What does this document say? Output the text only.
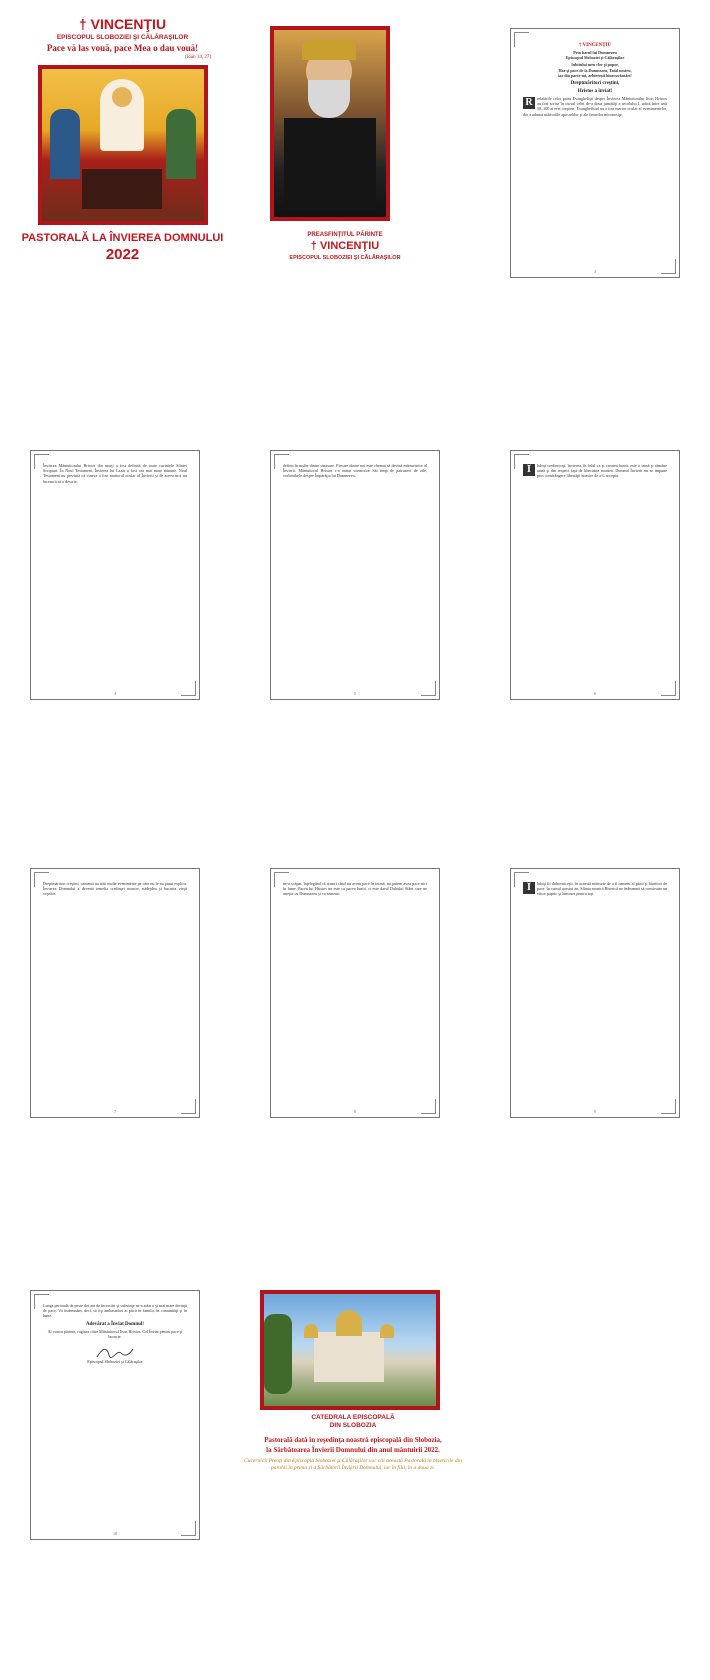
† VINCENŢIU
EPISCOPUL SLOBOZIEI ŞI CĂLĂRAŞILOR
Pace vă las vouă, pace Mea o dau vouă!
(Ioan 14, 27)
PASTORALĂ LA ÎNVIEREA DOMNULUI
2022
PREASFINŢITUL PĂRINTE
† VINCENŢIU
EPISCOPUL SLOBOZIEI ŞI CĂLĂRAŞILOR
† VINCENŢIU
Prin harul lui Dumnezeu
Episcopul Sloboziei şi Călăraşilor
Iubitului meu cler şi popor,
Har şi pace de la Dumnezeu, Tatăl nostru,
iar din parte-mi, arhierești binecuvântări!
Dreptmăritori creştini,
Hristos a înviat!
R	relatările celor patru Evanghelişti despre Învierea Mântuitorului Iisus Hristos au fost scrise în cursul celei de-a doua jumătăţi a secolului I, adică între anii 50–100 ai erei creştine. Evanghelistul nu a fost martor ocular al evenimentelor, dar a adunat mărturiile apostolilor şi ale femeilor mironosiţe.
3
Învierea Mântuitorului Hristos din morţi a fost definită de toate cuvintele Sfintei Scripturi. În Noul Testament, Învierea lui Lazăr a fost cea mai mare minune. Noul Testament nu prezintă că cineva a fost martorul ocular al Învierii şi de aceea nici nu încearcă să o descrie.
4
definit în multe dintre sinaxare. Fiecare dintre noi este chemat să devină mărturisitor al Învierii. Mântuitorul Hristos s-a arătat ucenicilor Săi timp de patruzeci de zile, vorbindu-le despre Împărăţia lui Dumnezeu.
5
Î	Iubiţi credincioşi, învierea, în felul ca şi crearea lumii, este o taină şi rămâne taină şi din respect faţă de libertatea noastră. Domnul Învierii nu se impune prin constrângere libertăţii noastre de a-L accepta.
6
Dreptmăritori creştini, oamenii au trăit multe evenimente pe care nu le-au putut explica. Învierea Domnului a devenit temelia credinţei noastre, nădejdea şi bucuria vieţii veşnice.
7
ne-a scăpat, înţelegând că atunci când nu avem pace în inimă, nu putem avea pace nici în lume. Pacea lui Hristos nu este ca pacea lumii, ci este darul Duhului Sfânt care ne uneşte cu Dumnezeu şi cu semenii.
8
Î	Iubiţi fii duhovniceşti, în această mărturie de a fi oameni ai păcii şi făuritori de pace, în cursul acestui an, Sfânta noastră Biserică ne îndeamnă să construim un viitor paşnic şi luminos pentru toţi.
9
Lunga perioadă de peste doi ani de încercări şi suferinţe ne-a adus o şi mai mare dorinţă de pace. Vă îndemnăm, deci, să fiţi ambasadori ai păcii în familii, în comunităţi şi în lume.
Adevărat a Înviat Domnul!
Al vostru părinte, rugător către Mântuitorul Iisus Hristos. Cel Înviat pentru pace şi bucurie.
Episcopul Sloboziei şi Călăraşilor
10
CATEDRALA EPISCOPALĂ
DIN SLOBOZIA
Pastorală dată în reşedinţa noastră episcopală din Slobozia,
la Sărbătoarea Învierii Domnului din anul mântuirii 2022.
Cucernicii Preoţi din Episcopia Sloboziei şi Călăraşilor vor citi această Pastorală în bisericile din parohii în prima zi a Sărbătorii Învierii Domnului, iar în filii, în a doua zi.
